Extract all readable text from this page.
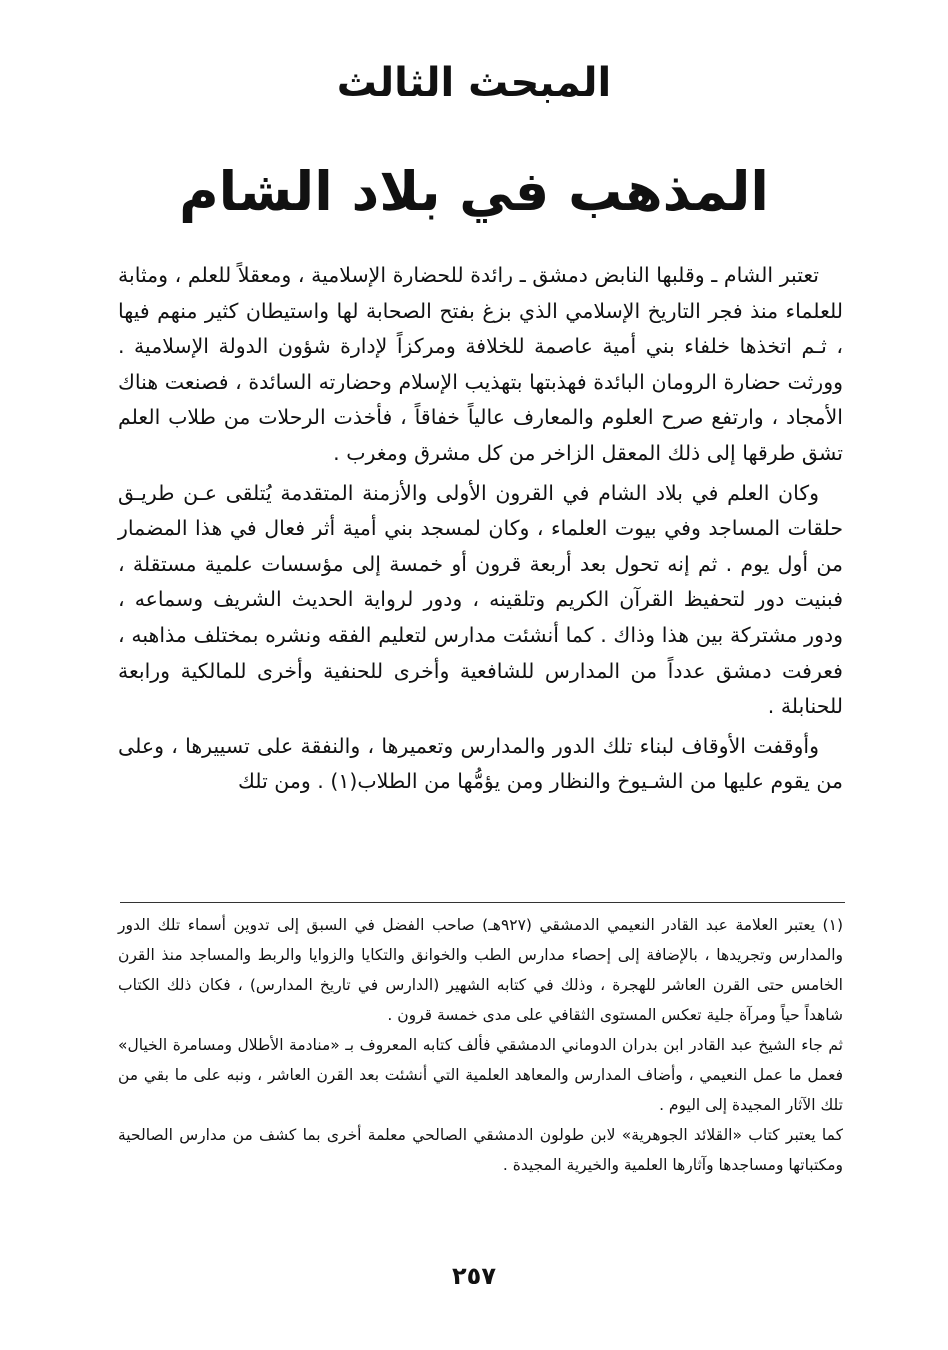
المبحث الثالث
المذهب في بلاد الشام

تعتبر الشام ـ وقلبها النابض دمشق ـ رائدة للحضارة الإسلامية ، ومعقلاً للعلم ، ومثابة للعلماء منذ فجر التاريخ الإسلامي الذي بزغ بفتح الصحابة لها واستيطان كثير منهم فيها ، ثـم اتخذها خلفاء بني أمية عاصمة للخلافة ومركزاً لإدارة شؤون الدولة الإسلامية . وورثت حضارة الرومان البائدة فهذبتها بتهذيب الإسلام وحضارته السائدة ، فصنعت هناك الأمجاد ، وارتفع صرح العلوم والمعارف عالياً خفاقاً ، فأخذت الرحلات من طلاب العلم تشق طرقها إلى ذلك المعقل الزاخر من كل مشرق ومغرب .

وكان العلم في بلاد الشام في القرون الأولى والأزمنة المتقدمة يُتلقى عـن طريـق حلقات المساجد وفي بيوت العلماء ، وكان لمسجد بني أمية أثر فعال في هذا المضمار من أول يوم . ثم إنه تحول بعد أربعة قرون أو خمسة إلى مؤسسات علمية مستقلة ، فبنيت دور لتحفيظ القرآن الكريم وتلقينه ، ودور لرواية الحديث الشريف وسماعه ، ودور مشتركة بين هذا وذاك . كما أنشئت مدارس لتعليم الفقه ونشره بمختلف مذاهبه ، فعرفت دمشق عدداً من المدارس للشافعية وأخرى للحنفية وأخرى للمالكية ورابعة للحنابلة .

وأوقفت الأوقاف لبناء تلك الدور والمدارس وتعميرها ، والنفقة على تسييرها ، وعلى من يقوم عليها من الشـيوخ والنظار ومن يؤمُّها من الطلاب(١) . ومن تلك

(١) يعتبر العلامة عبد القادر النعيمي الدمشقي (٩٢٧هـ) صاحب الفضل في السبق إلى تدوين أسماء تلك الدور والمدارس وتجريدها ، بالإضافة إلى إحصاء مدارس الطب والخوانق والتكايا والزوايا والربط والمساجد منذ القرن الخامس حتى القرن العاشر للهجرة ، وذلك في كتابه الشهير (الدارس في تاريخ المدارس) ، فكان ذلك الكتاب شاهداً حياً ومرآة جلية تعكس المستوى الثقافي على مدى خمسة قرون .

ثم جاء الشيخ عبد القادر ابن بدران الدوماني الدمشقي فألف كتابه المعروف بـ «منادمة الأطلال ومسامرة الخيال» فعمل ما عمل النعيمي ، وأضاف المدارس والمعاهد العلمية التي أنشئت بعد القرن العاشر ، ونبه على ما بقي من تلك الآثار المجيدة إلى اليوم .

كما يعتبر كتاب «القلائد الجوهرية» لابن طولون الدمشقي الصالحي معلمة أخرى بما كشف من مدارس الصالحية ومكتباتها ومساجدها وآثارها العلمية والخيرية المجيدة .

٢٥٧
